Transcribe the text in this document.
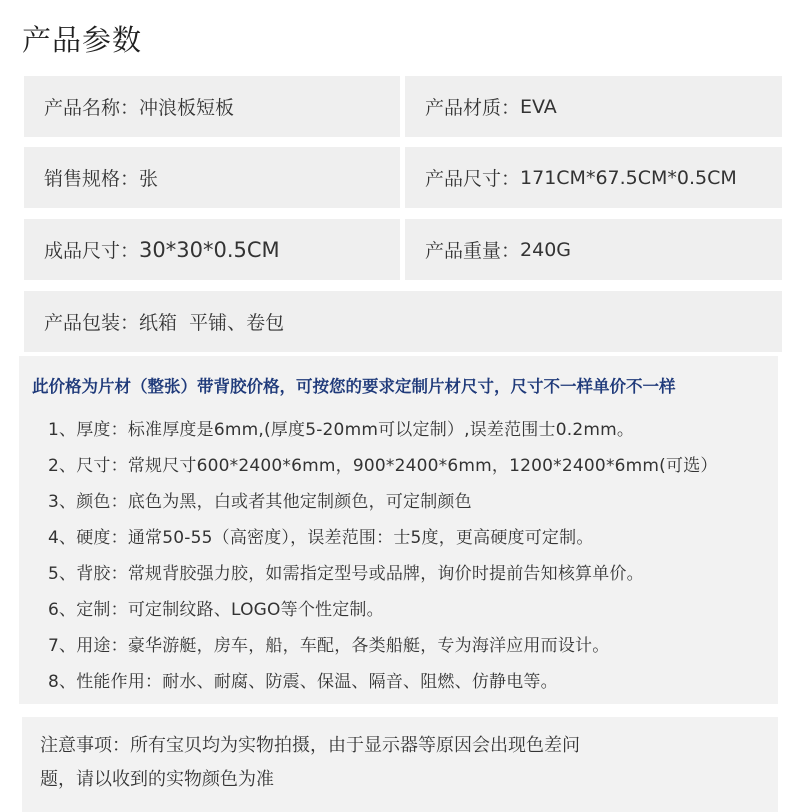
产品参数
产品名称： 冲浪板短板	产品材质： EVA
销售规格： 张	产品尺寸： 171CM*67.5CM*0.5CM
成品尺寸： 30*30*0.5CM	产品重量： 240G
产品包装： 纸箱  平铺、卷包
此价格为片材（整张）带背胶价格，可按您的要求定制片材尺寸，尺寸不一样单价不一样
1、厚度：标准厚度是6mm,(厚度5-20mm可以定制）,误差范围士0.2mm。
2、尺寸：常规尺寸600*2400*6mm，900*2400*6mm，1200*2400*6mm(可选）
3、颜色：底色为黑，白或者其他定制颜色，可定制颜色
4、硬度：通常50-55（高密度），误差范围：士5度，更高硬度可定制。
5、背胶：常规背胶强力胶，如需指定型号或品牌，询价时提前告知核算单价。
6、定制：可定制纹路、LOGO等个性定制。
7、用途：豪华游艇，房车，船，车配，各类船艇，专为海洋应用而设计。
8、性能作用：耐水、耐腐、防震、保温、隔音、阻燃、仿静电等。
注意事项：所有宝贝均为实物拍摄，由于显示器等原因会出现色差问
题，请以收到的实物颜色为准
